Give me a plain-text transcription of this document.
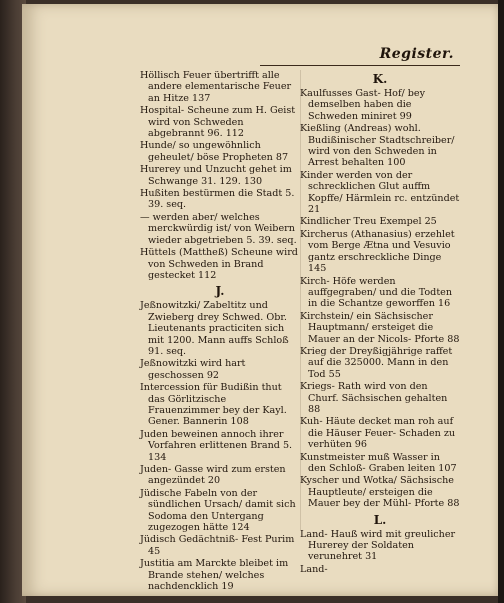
Register.

Höllisch Feuer übertrifft alle andere elementarische Feuer an Hitze 137

Hospital- Scheune zum H. Geist wird von Schweden abgebrannt 96. 112

Hunde/ so ungewöhnlich geheulet/ böse Propheten 87

Hurerey und Unzucht gehet im Schwange 31. 129. 130

Hußiten bestürmen die Stadt 5. 39. seq.

— werden aber/ welches merckwürdig ist/ von Weibern wieder abgetrieben 5. 39. seq.

Hüttels (Mattheß) Scheune wird von Schweden in Brand gestecket 112

J.

Jeßnowitzki/ Zabeltitz und Zwieberg drey Schwed. Obr. Lieutenants practiciten sich mit 1200. Mann auffs Schloß 91. seq.

Jeßnowitzki wird hart geschossen 92

Intercession für Budißin thut das Görlitzische Frauenzimmer bey der Kayl. Gener. Bannerin 108

Juden beweinen annoch ihrer Vorfahren erlittenen Brand 5. 134

Juden- Gasse wird zum ersten angezündet 20

Jüdische Fabeln von der sündlichen Ursach/ damit sich Sodoma den Untergang zugezogen hätte 124

Jüdisch Gedächtniß- Fest Purim 45

Justitia am Marckte bleibet im Brande stehen/ welches nachdencklich 19

K.

Kaulfusses Gast- Hof/ bey demselben haben die Schweden miniret 99

Kießling (Andreas) wohl. Budißinischer Stadtschreiber/ wird von den Schweden in Arrest behalten 100

Kinder werden von der schrecklichen Glut auffm Kopffe/ Härmlein rc. entzündet 21

Kindlicher Treu Exempel 25

Kircherus (Athanasius) erzehlet vom Berge Ætna und Vesuvio gantz erschreckliche Dinge 145

Kirch- Höfe werden auffgegraben/ und die Todten in die Schantze geworffen 16

Kirchstein/ ein Sächsischer Hauptmann/ ersteiget die Mauer an der Nicols- Pforte 88

Krieg der Dreyßigjährige raffet auf die 325000. Mann in den Tod 55

Kriegs- Rath wird von den Churf. Sächsischen gehalten 88

Kuh- Häute decket man roh auf die Häuser Feuer- Schaden zu verhüten 96

Kunstmeister muß Wasser in den Schloß- Graben leiten 107

Kyscher und Wotka/ Sächsische Hauptleute/ ersteigen die Mauer bey der Mühl- Pforte 88

L.

Land- Hauß wird mit greulicher Hurerey der Soldaten verunehret 31

Land-
